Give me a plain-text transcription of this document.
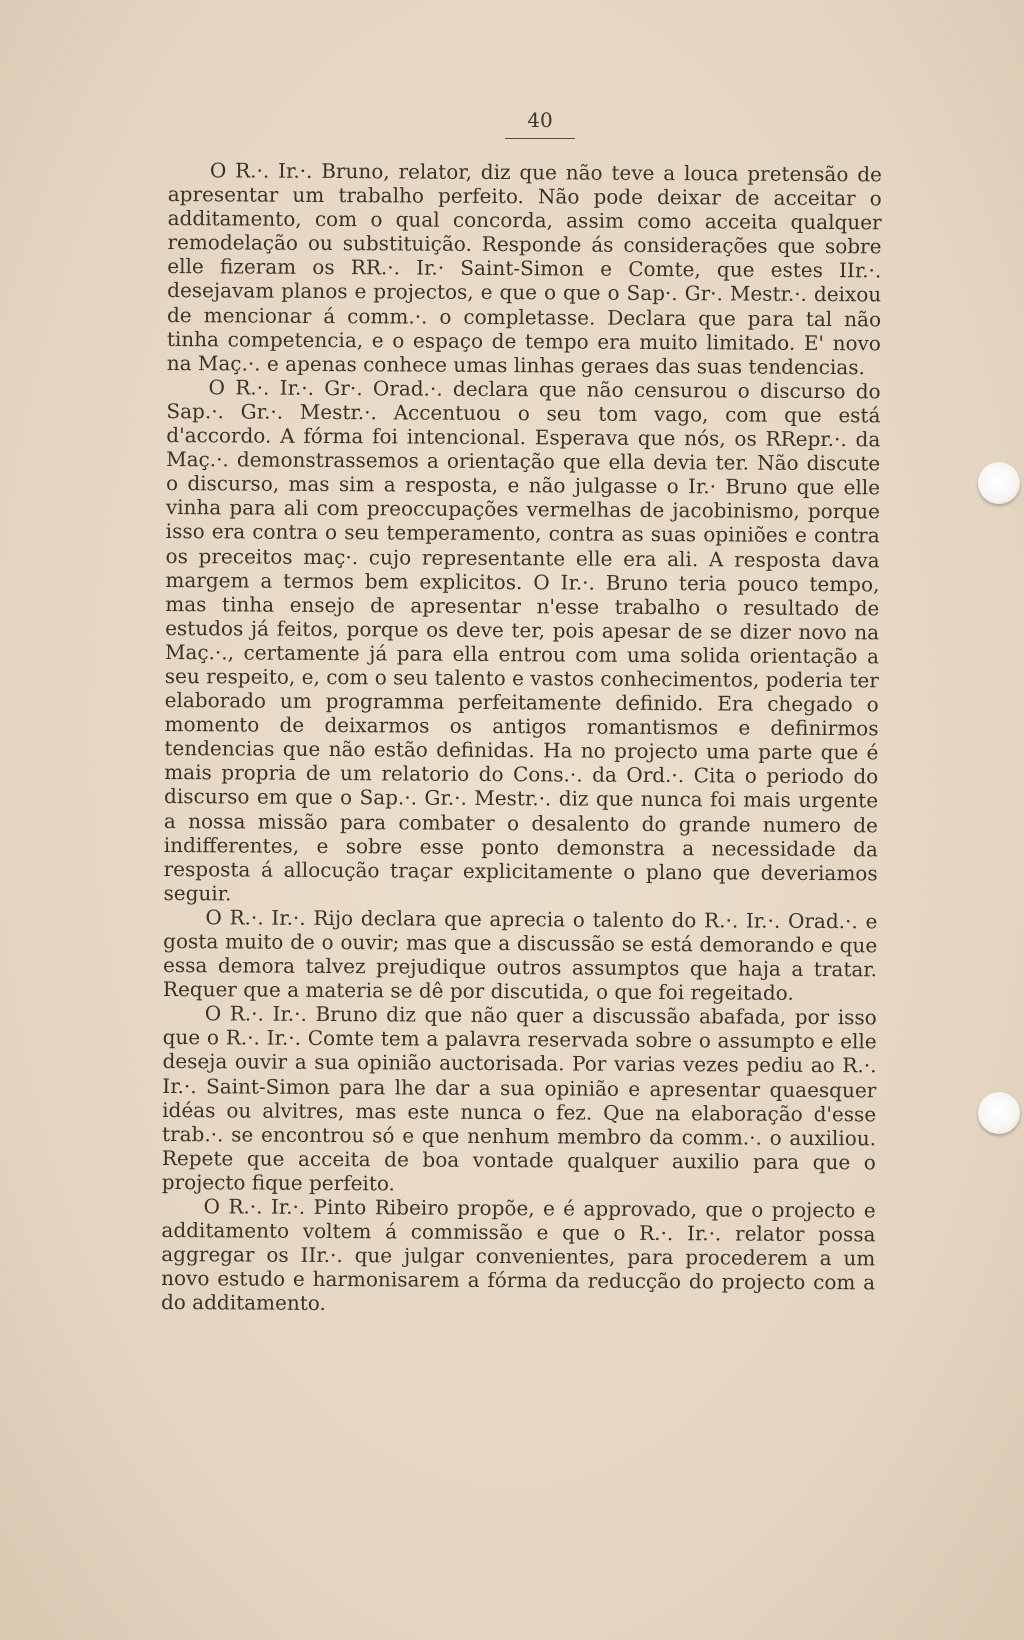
40

O R.·. Ir.·. Bruno, relator, diz que não teve a louca pretensão de apresentar um trabalho perfeito. Não pode deixar de acceitar o additamento, com o qual concorda, assim como acceita qualquer remodelação ou substituição. Responde ás considerações que sobre elle fizeram os RR.·. Ir.· Saint-Simon e Comte, que estes IIr.·. desejavam planos e projectos, e que o que o Sap·. Gr·. Mestr.·. deixou de mencionar á comm.·. o completasse. Declara que para tal não tinha competencia, e o espaço de tempo era muito limitado. E' novo na Maç.·. e apenas conhece umas linhas geraes das suas tendencias.

O R.·. Ir.·. Gr·. Orad.·. declara que não censurou o discurso do Sap.·. Gr.·. Mestr.·. Accentuou o seu tom vago, com que está d'accordo. A fórma foi intencional. Esperava que nós, os RRepr.·. da Maç.·. demonstrassemos a orientação que ella devia ter. Não discute o discurso, mas sim a resposta, e não julgasse o Ir.· Bruno que elle vinha para ali com preoccupações vermelhas de jacobinismo, porque isso era contra o seu temperamento, contra as suas opiniões e contra os preceitos maç·. cujo representante elle era ali. A resposta dava margem a termos bem explicitos. O Ir.·. Bruno teria pouco tempo, mas tinha ensejo de apresentar n'esse trabalho o resultado de estudos já feitos, porque os deve ter, pois apesar de se dizer novo na Maç.·., certamente já para ella entrou com uma solida orientação a seu respeito, e, com o seu talento e vastos conhecimentos, poderia ter elaborado um programma perfeitamente definido. Era chegado o momento de deixarmos os antigos romantismos e definirmos tendencias que não estão definidas. Ha no projecto uma parte que é mais propria de um relatorio do Cons.·. da Ord.·. Cita o periodo do discurso em que o Sap.·. Gr.·. Mestr.·. diz que nunca foi mais urgente a nossa missão para combater o desalento do grande numero de indifferentes, e sobre esse ponto demonstra a necessidade da resposta á allocução traçar explicitamente o plano que deveriamos seguir.

O R.·. Ir.·. Rijo declara que aprecia o talento do R.·. Ir.·. Orad.·. e gosta muito de o ouvir; mas que a discussão se está demorando e que essa demora talvez prejudique outros assumptos que haja a tratar. Requer que a materia se dê por discutida, o que foi regeitado.

O R.·. Ir.·. Bruno diz que não quer a discussão abafada, por isso que o R.·. Ir.·. Comte tem a palavra reservada sobre o assumpto e elle deseja ouvir a sua opinião auctorisada. Por varias vezes pediu ao R.·. Ir.·. Saint-Simon para lhe dar a sua opinião e apresentar quaesquer idéas ou alvitres, mas este nunca o fez. Que na elaboração d'esse trab.·. se encontrou só e que nenhum membro da comm.·. o auxiliou. Repete que acceita de boa vontade qualquer auxilio para que o projecto fique perfeito.

O R.·. Ir.·. Pinto Ribeiro propõe, e é approvado, que o projecto e additamento voltem á commissão e que o R.·. Ir.·. relator possa aggregar os IIr.·. que julgar convenientes, para procederem a um novo estudo e harmonisarem a fórma da reducção do projecto com a do additamento.
